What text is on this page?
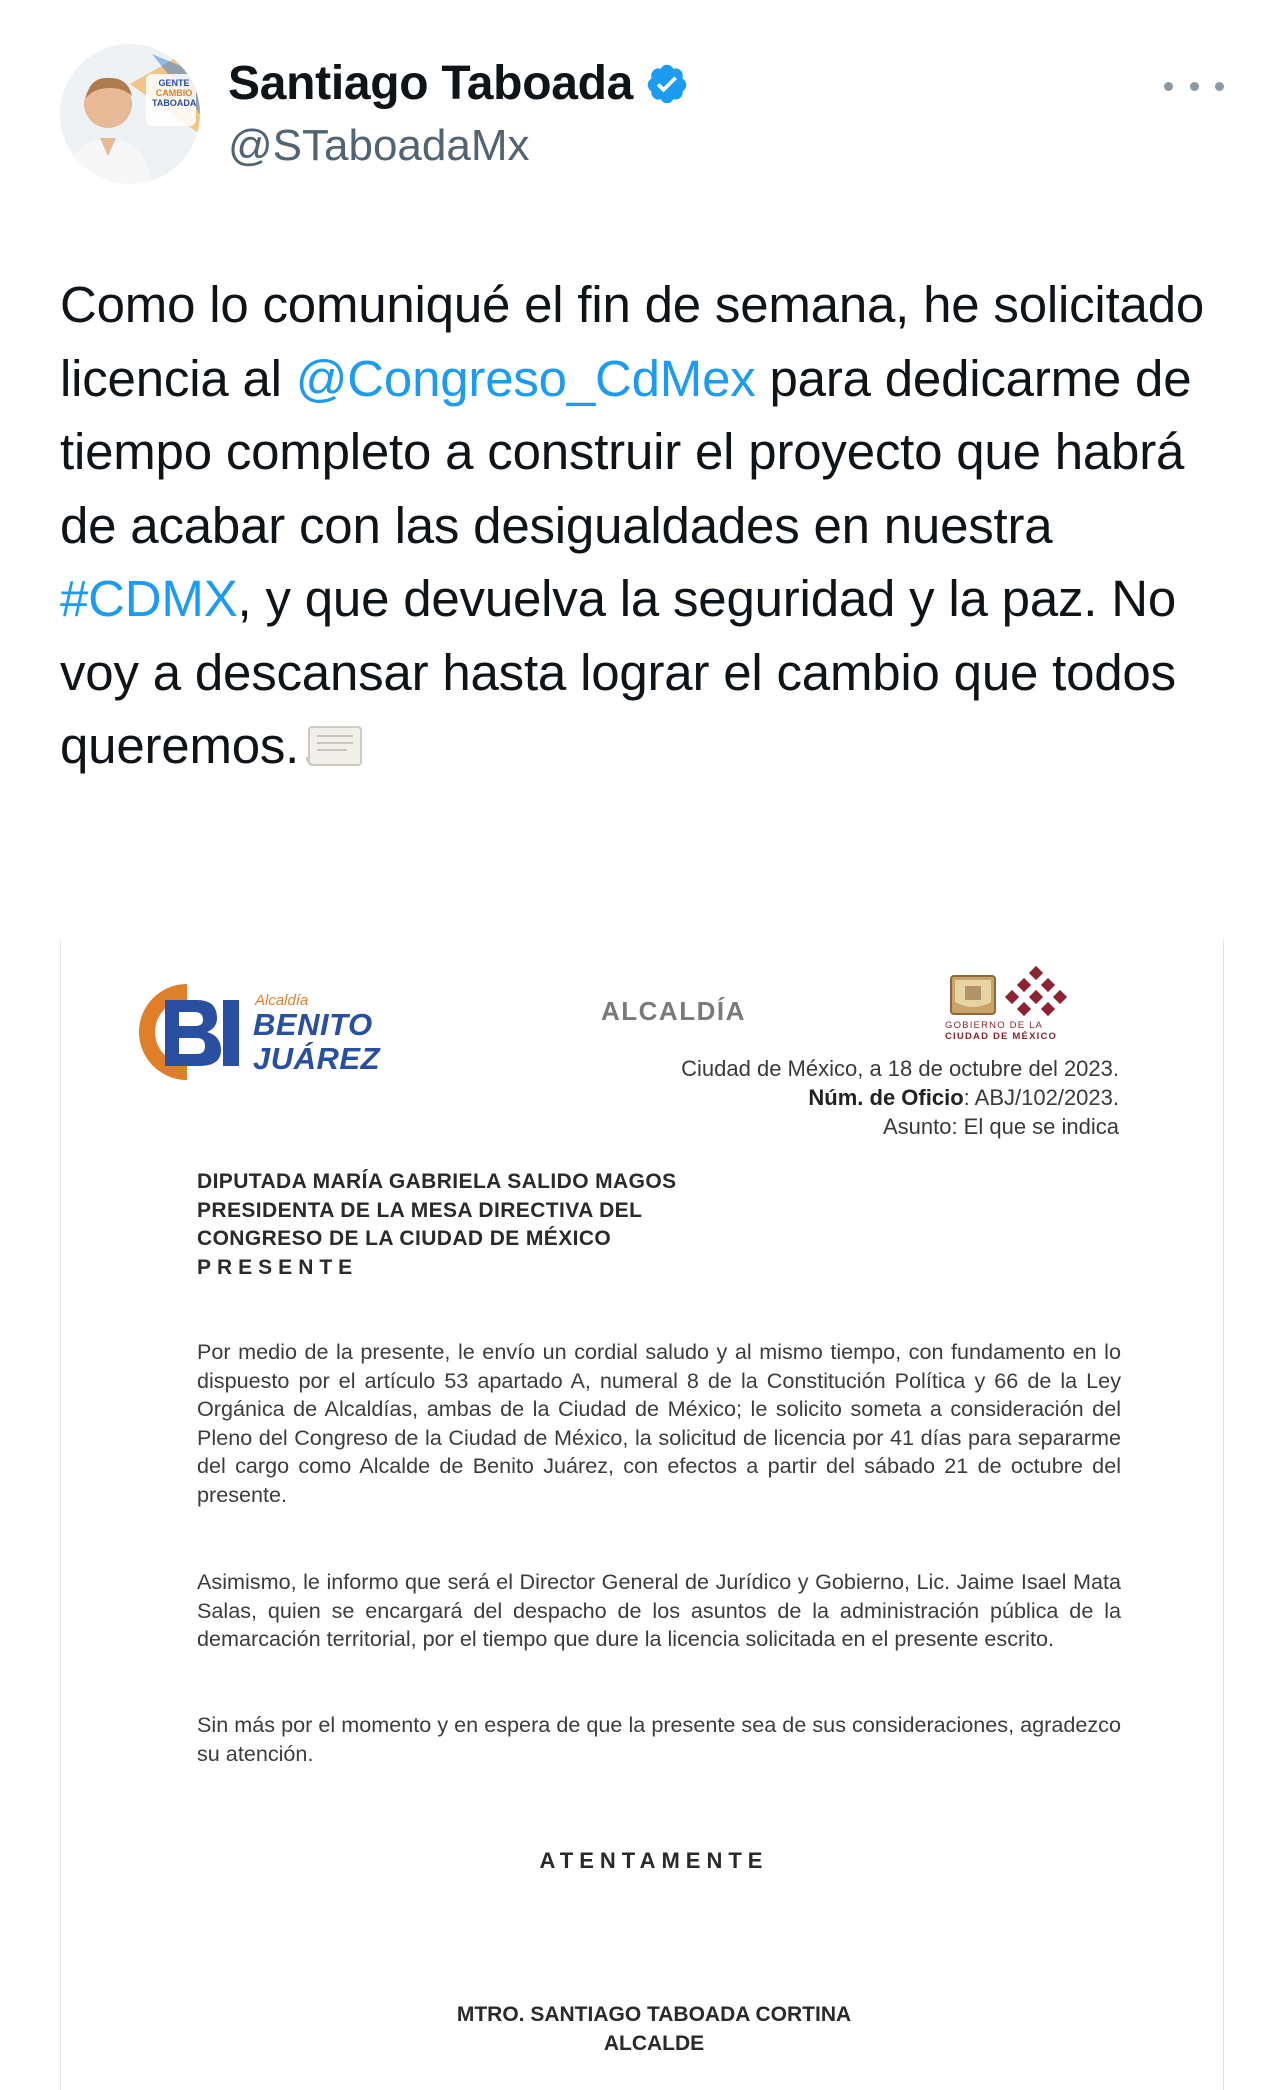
GENTE
CAMBIO
TABOADA Santiago Taboada
@STaboadaMx
Como lo comuniqué el fin de semana, he solicitado licencia al @Congreso_CdMex para dedicarme de tiempo completo a construir el proyecto que habrá de acabar con las desigualdades en nuestra #CDMX, y que devuelva la seguridad y la paz. No voy a descansar hasta lograr el cambio que todos queremos.
Alcaldía
BENITO
JUÁREZ
ALCALDÍA	GOBIERNO DE LA
CIUDAD DE MÉXICO
Ciudad de México, a 18 de octubre del 2023.
Núm. de Oficio: ABJ/102/2023.
Asunto: El que se indica
DIPUTADA MARÍA GABRIELA SALIDO MAGOS
PRESIDENTA DE LA MESA DIRECTIVA DEL
CONGRESO DE LA CIUDAD DE MÉXICO
PRESENTE
Por medio de la presente, le envío un cordial saludo y al mismo tiempo, con fundamento en lo dispuesto por el artículo 53 apartado A, numeral 8 de la Constitución Política y 66 de la Ley Orgánica de Alcaldías, ambas de la Ciudad de México; le solicito someta a consideración del Pleno del Congreso de la Ciudad de México, la solicitud de licencia por 41 días para separarme del cargo como Alcalde de Benito Juárez, con efectos a partir del sábado 21 de octubre del presente.
Asimismo, le informo que será el Director General de Jurídico y Gobierno, Lic. Jaime Isael Mata Salas, quien se encargará del despacho de los asuntos de la administración pública de la demarcación territorial, por el tiempo que dure la licencia solicitada en el presente escrito.
Sin más por el momento y en espera de que la presente sea de sus consideraciones, agradezco su atención.
ATENTAMENTE
MTRO. SANTIAGO TABOADA CORTINA
ALCALDE
